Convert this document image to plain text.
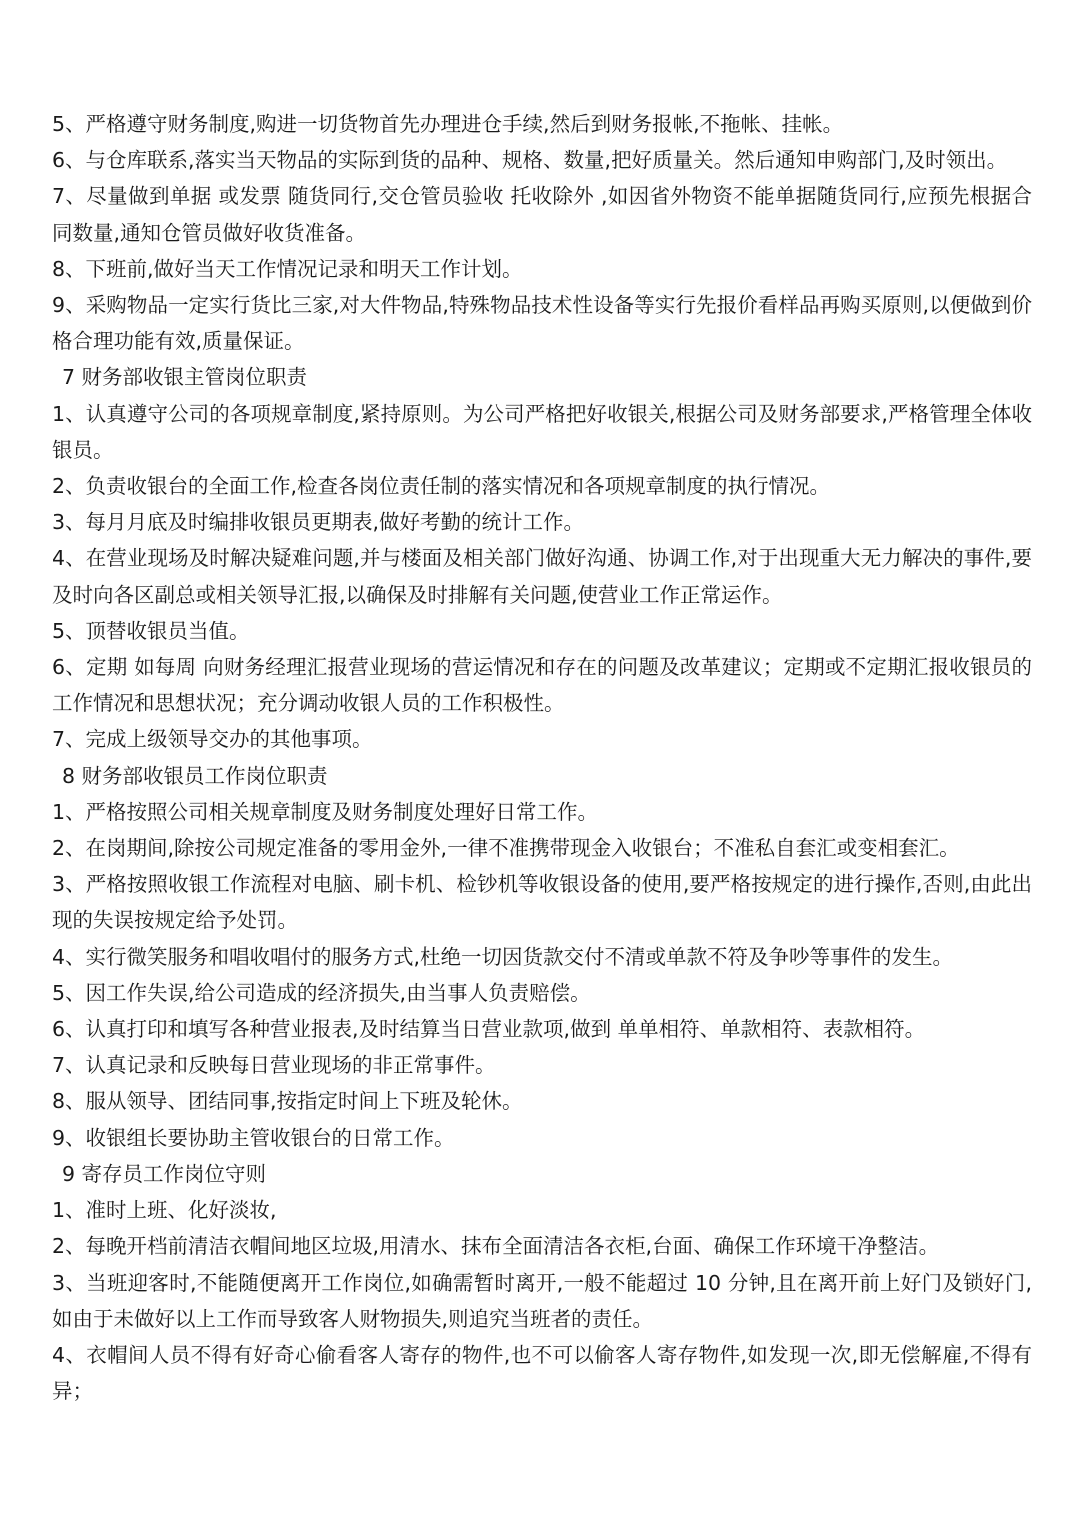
5、严格遵守财务制度,购进一切货物首先办理进仓手续,然后到财务报帐,不拖帐、挂帐。

6、与仓库联系,落实当天物品的实际到货的品种、规格、数量,把好质量关。然后通知申购部门,及时领出。

7、尽量做到单据 或发票 随货同行,交仓管员验收 托收除外 ,如因省外物资不能单据随货同行,应预先根据合同数量,通知仓管员做好收货准备。

8、下班前,做好当天工作情况记录和明天工作计划。

9、采购物品一定实行货比三家,对大件物品,特殊物品技术性设备等实行先报价看样品再购买原则,以便做到价格合理功能有效,质量保证。

7 财务部收银主管岗位职责

1、认真遵守公司的各项规章制度,紧持原则。为公司严格把好收银关,根据公司及财务部要求,严格管理全体收银员。

2、负责收银台的全面工作,检查各岗位责任制的落实情况和各项规章制度的执行情况。

3、每月月底及时编排收银员更期表,做好考勤的统计工作。

4、在营业现场及时解决疑难问题,并与楼面及相关部门做好沟通、协调工作,对于出现重大无力解决的事件,要及时向各区副总或相关领导汇报,以确保及时排解有关问题,使营业工作正常运作。

5、顶替收银员当值。

6、定期 如每周 向财务经理汇报营业现场的营运情况和存在的问题及改革建议；定期或不定期汇报收银员的工作情况和思想状况；充分调动收银人员的工作积极性。

7、完成上级领导交办的其他事项。

8 财务部收银员工作岗位职责

1、严格按照公司相关规章制度及财务制度处理好日常工作。

2、在岗期间,除按公司规定准备的零用金外,一律不准携带现金入收银台；不准私自套汇或变相套汇。

3、严格按照收银工作流程对电脑、刷卡机、检钞机等收银设备的使用,要严格按规定的进行操作,否则,由此出现的失误按规定给予处罚。

4、实行微笑服务和唱收唱付的服务方式,杜绝一切因货款交付不清或单款不符及争吵等事件的发生。

5、因工作失误,给公司造成的经济损失,由当事人负责赔偿。

6、认真打印和填写各种营业报表,及时结算当日营业款项,做到 单单相符、单款相符、表款相符。

7、认真记录和反映每日营业现场的非正常事件。

8、服从领导、团结同事,按指定时间上下班及轮休。

9、收银组长要协助主管收银台的日常工作。

9 寄存员工作岗位守则

1、准时上班、化好淡妆,

2、每晚开档前清洁衣帽间地区垃圾,用清水、抹布全面清洁各衣柜,台面、确保工作环境干净整洁。

3、当班迎客时,不能随便离开工作岗位,如确需暂时离开,一般不能超过 10 分钟,且在离开前上好门及锁好门,如由于未做好以上工作而导致客人财物损失,则追究当班者的责任。

4、衣帽间人员不得有好奇心偷看客人寄存的物件,也不可以偷客人寄存物件,如发现一次,即无偿解雇,不得有异；
